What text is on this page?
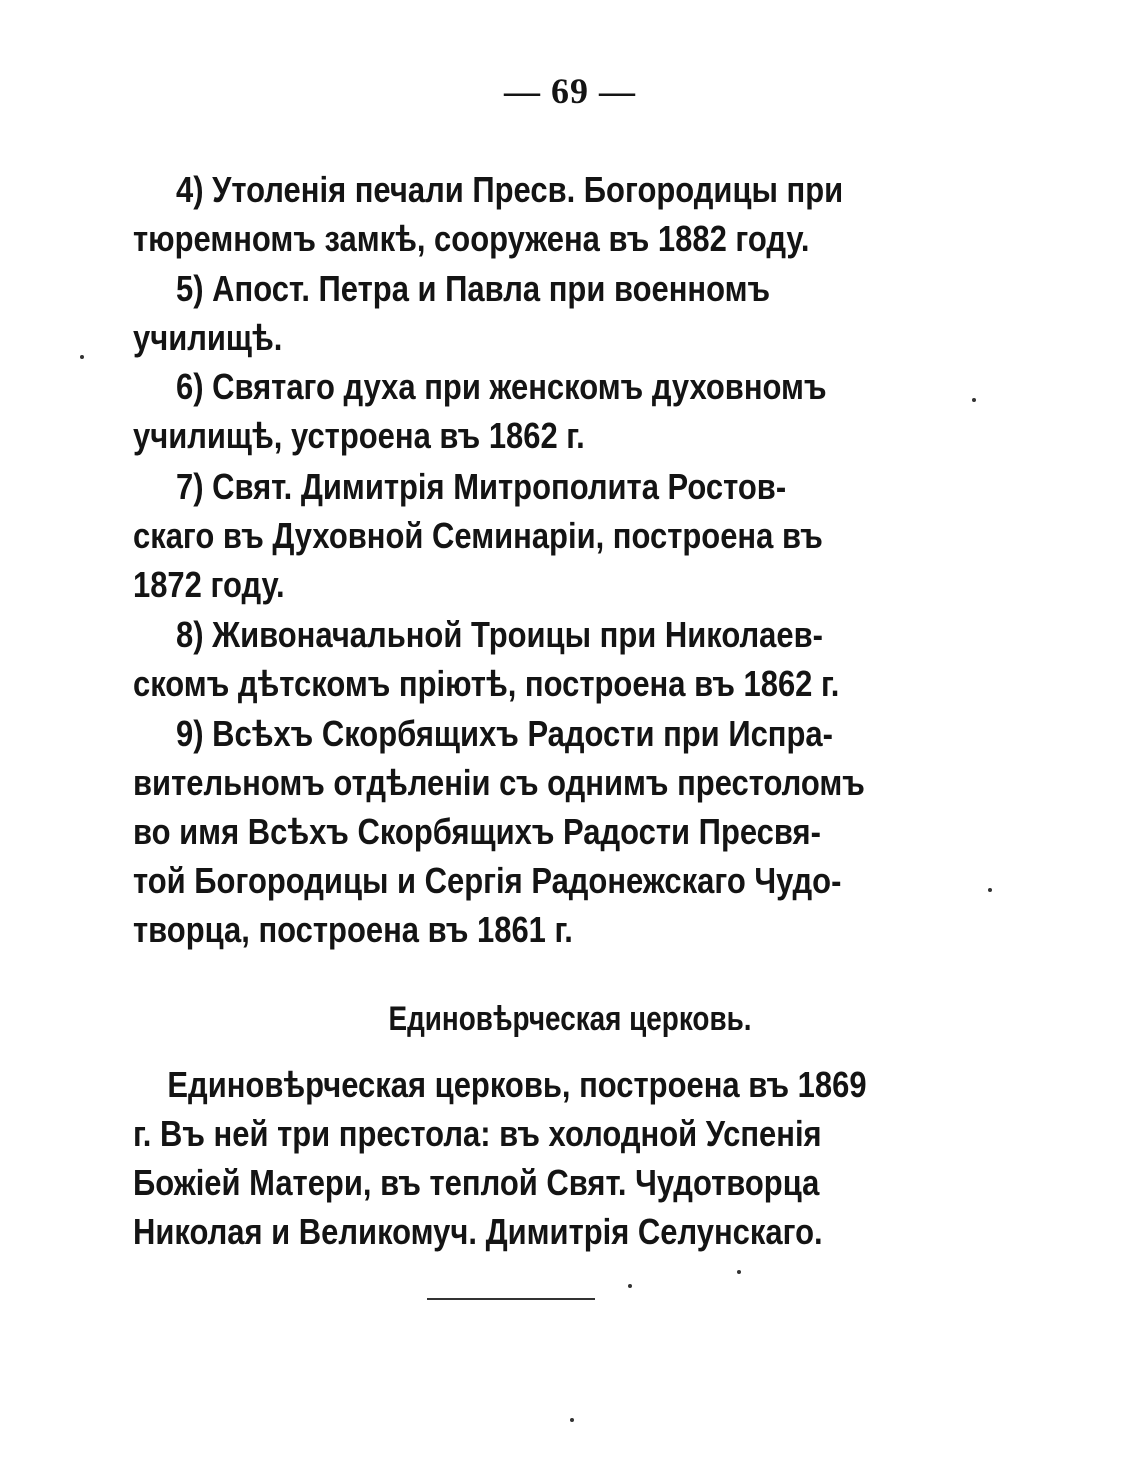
— 69 —

4) Утоленія печали Пресв. Богородицы при

тюремномъ замкѣ, сооружена въ 1882 году.

5) Апост. Петра и Павла при военномъ

училищѣ.

6) Святаго духа при женскомъ духовномъ

училищѣ, устроена въ 1862 г.

7) Свят. Димитрія Митрополита Ростов-

скаго въ Духовной Семинаріи, построена въ

1872 году.

8) Живоначальной Троицы при Николаев-

скомъ дѣтскомъ пріютѣ, построена въ 1862 г.

9) Всѣхъ Скорбящихъ Радости при Испра-

вительномъ отдѣленіи съ однимъ престоломъ

во имя Всѣхъ Скорбящихъ Радости Пресвя-

той Богородицы и Сергія Радонежскаго Чудо-

творца, построена въ 1861 г.

Единовѣрческая церковь.

Единовѣрческая церковь, построена въ 1869

г. Въ ней три престола: въ холодной Успенія

Божіей Матери, въ теплой Свят. Чудотворца

Николая и Великомуч. Димитрія Селунскаго.
